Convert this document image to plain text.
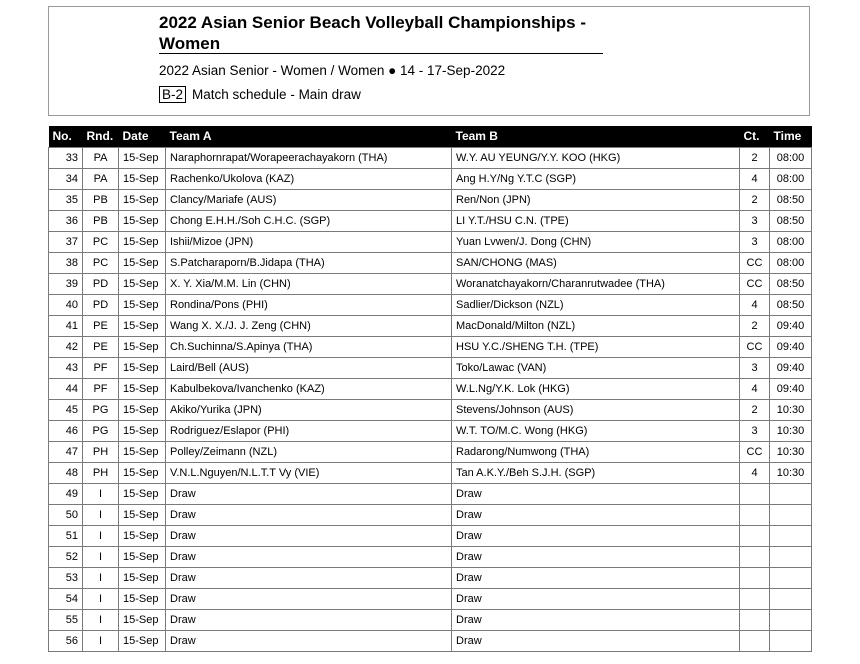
2022 Asian Senior Beach Volleyball Championships - Women
2022 Asian Senior - Women / Women ● 14 - 17-Sep-2022
B-2 Match schedule - Main draw
No.	Rnd.	Date	Team A	Team B	Ct.	Time
33	PA	15-Sep	Naraphornrapat/Worapeerachayakorn (THA)	W.Y. AU YEUNG/Y.Y. KOO (HKG)	2	08:00
34	PA	15-Sep	Rachenko/Ukolova (KAZ)	Ang H.Y/Ng Y.T.C (SGP)	4	08:00
35	PB	15-Sep	Clancy/Mariafe (AUS)	Ren/Non (JPN)	2	08:50
36	PB	15-Sep	Chong E.H.H./Soh C.H.C. (SGP)	LI Y.T./HSU C.N. (TPE)	3	08:50
37	PC	15-Sep	Ishii/Mizoe (JPN)	Yuan Lvwen/J. Dong (CHN)	3	08:00
38	PC	15-Sep	S.Patcharaporn/B.Jidapa (THA)	SAN/CHONG (MAS)	CC	08:00
39	PD	15-Sep	X. Y. Xia/M.M. Lin (CHN)	Woranatchayakorn/Charanrutwadee (THA)	CC	08:50
40	PD	15-Sep	Rondina/Pons (PHI)	Sadlier/Dickson (NZL)	4	08:50
41	PE	15-Sep	Wang X. X./J. J. Zeng (CHN)	MacDonald/Milton (NZL)	2	09:40
42	PE	15-Sep	Ch.Suchinna/S.Apinya (THA)	HSU Y.C./SHENG T.H. (TPE)	CC	09:40
43	PF	15-Sep	Laird/Bell (AUS)	Toko/Lawac (VAN)	3	09:40
44	PF	15-Sep	Kabulbekova/Ivanchenko (KAZ)	W.L.Ng/Y.K. Lok (HKG)	4	09:40
45	PG	15-Sep	Akiko/Yurika (JPN)	Stevens/Johnson (AUS)	2	10:30
46	PG	15-Sep	Rodriguez/Eslapor (PHI)	W.T. TO/M.C. Wong (HKG)	3	10:30
47	PH	15-Sep	Polley/Zeimann (NZL)	Radarong/Numwong (THA)	CC	10:30
48	PH	15-Sep	V.N.L.Nguyen/N.L.T.T Vy (VIE)	Tan A.K.Y./Beh S.J.H. (SGP)	4	10:30
49	I	15-Sep	Draw	Draw		
50	I	15-Sep	Draw	Draw		
51	I	15-Sep	Draw	Draw		
52	I	15-Sep	Draw	Draw		
53	I	15-Sep	Draw	Draw		
54	I	15-Sep	Draw	Draw		
55	I	15-Sep	Draw	Draw		
56	I	15-Sep	Draw	Draw		
